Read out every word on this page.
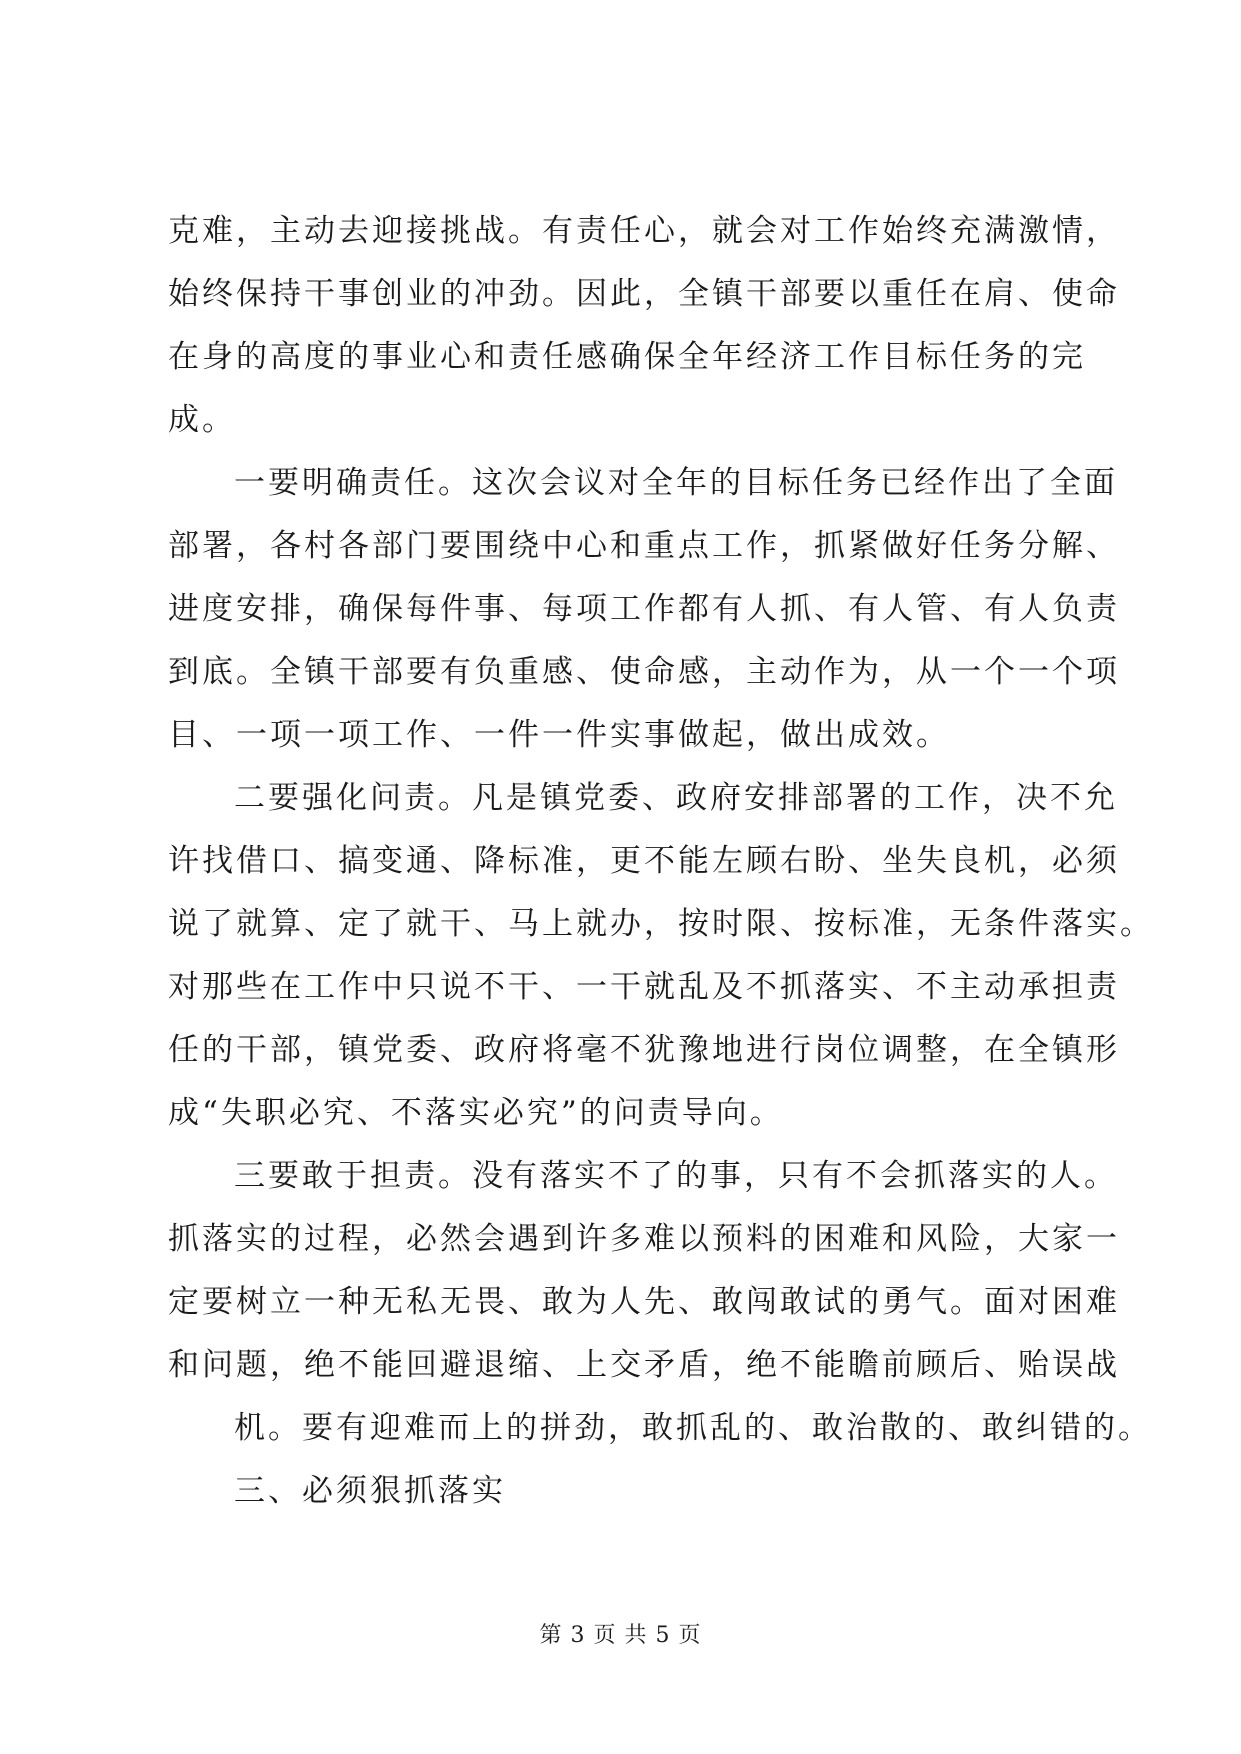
克难，主动去迎接挑战。有责任心，就会对工作始终充满激情，
始终保持干事创业的冲劲。因此，全镇干部要以重任在肩、使命
在身的高度的事业心和责任感确保全年经济工作目标任务的完
成。
一要明确责任。这次会议对全年的目标任务已经作出了全面
部署，各村各部门要围绕中心和重点工作，抓紧做好任务分解、
进度安排，确保每件事、每项工作都有人抓、有人管、有人负责
到底。全镇干部要有负重感、使命感，主动作为，从一个一个项
目、一项一项工作、一件一件实事做起，做出成效。
二要强化问责。凡是镇党委、政府安排部署的工作，决不允
许找借口、搞变通、降标准，更不能左顾右盼、坐失良机，必须
说了就算、定了就干、马上就办，按时限、按标准，无条件落实。
对那些在工作中只说不干、一干就乱及不抓落实、不主动承担责
任的干部，镇党委、政府将毫不犹豫地进行岗位调整，在全镇形
成“失职必究、不落实必究”的问责导向。
三要敢于担责。没有落实不了的事，只有不会抓落实的人。
抓落实的过程，必然会遇到许多难以预料的困难和风险，大家一
定要树立一种无私无畏、敢为人先、敢闯敢试的勇气。面对困难
和问题，绝不能回避退缩、上交矛盾，绝不能瞻前顾后、贻误战
机。要有迎难而上的拼劲，敢抓乱的、敢治散的、敢纠错的。
三、必须狠抓落实
第 3 页 共 5 页
